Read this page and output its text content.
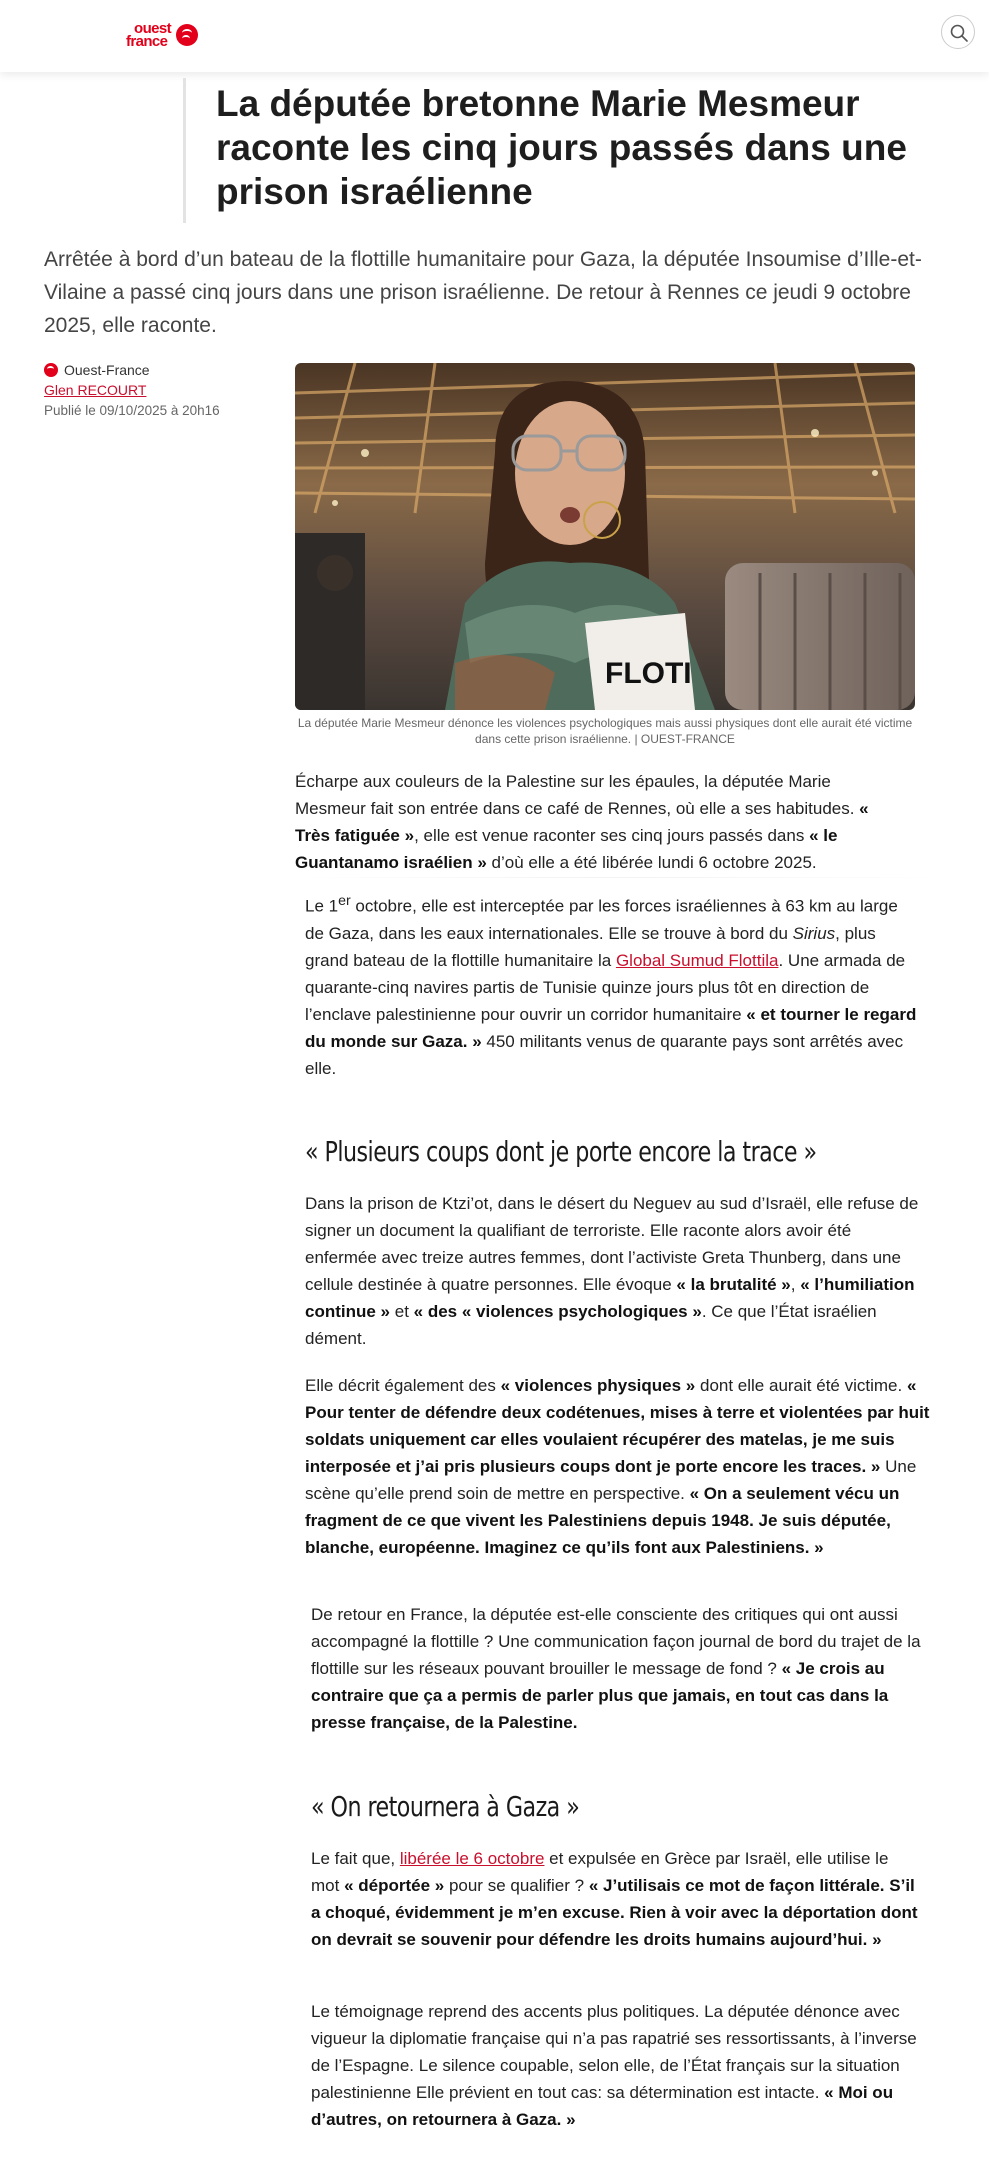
ouest
france
La députée bretonne Marie Mesmeur raconte les cinq jours passés dans une prison israélienne

Arrêtée à bord d’un bateau de la flottille humanitaire pour Gaza, la députée Insoumise d’Ille-et-Vilaine a passé cinq jours dans une prison israélienne. De retour à Rennes ce jeudi 9 octobre 2025, elle raconte.

Ouest-France
Glen RECOURT
Publié le 09/10/2025 à 20h16
FLOTI
La députée Marie Mesmeur dénonce les violences psychologiques mais aussi physiques dont elle aurait été victime dans cette prison israélienne. | OUEST-FRANCE

Écharpe aux couleurs de la Palestine sur les épaules, la députée Marie Mesmeur fait son entrée dans ce café de Rennes, où elle a ses habitudes. « Très fatiguée », elle est venue raconter ses cinq jours passés dans « le Guantanamo israélien » d’où elle a été libérée lundi 6 octobre 2025.

Le 1er octobre, elle est interceptée par les forces israéliennes à 63 km au large de Gaza, dans les eaux internationales. Elle se trouve à bord du Sirius, plus grand bateau de la flottille humanitaire la Global Sumud Flottila. Une armada de quarante-cinq navires partis de Tunisie quinze jours plus tôt en direction de l’enclave palestinienne pour ouvrir un corridor humanitaire « et tourner le regard du monde sur Gaza. » 450 militants venus de quarante pays sont arrêtés avec elle.

« Plusieurs coups dont je porte encore la trace »

Dans la prison de Ktzi’ot, dans le désert du Neguev au sud d’Israël, elle refuse de signer un document la qualifiant de terroriste. Elle raconte alors avoir été enfermée avec treize autres femmes, dont l’activiste Greta Thunberg, dans une cellule destinée à quatre personnes. Elle évoque « la brutalité », « l’humiliation continue » et « des « violences psychologiques ». Ce que l’État israélien dément.

Elle décrit également des « violences physiques » dont elle aurait été victime. « Pour tenter de défendre deux codétenues, mises à terre et violentées par huit soldats uniquement car elles voulaient récupérer des matelas, je me suis interposée et j’ai pris plusieurs coups dont je porte encore les traces. » Une scène qu’elle prend soin de mettre en perspective. « On a seulement vécu un fragment de ce que vivent les Palestiniens depuis 1948. Je suis députée, blanche, européenne. Imaginez ce qu’ils font aux Palestiniens. »

De retour en France, la députée est-elle consciente des critiques qui ont aussi accompagné la flottille ? Une communication façon journal de bord du trajet de la flottille sur les réseaux pouvant brouiller le message de fond ? « Je crois au contraire que ça a permis de parler plus que jamais, en tout cas dans la presse française, de la Palestine.

« On retournera à Gaza »

Le fait que, libérée le 6 octobre et expulsée en Grèce par Israël, elle utilise le mot « déportée » pour se qualifier ? « J’utilisais ce mot de façon littérale. S’il a choqué, évidemment je m’en excuse. Rien à voir avec la déportation dont on devrait se souvenir pour défendre les droits humains aujourd’hui. »

Le témoignage reprend des accents plus politiques. La députée dénonce avec vigueur la diplomatie française qui n’a pas rapatrié ses ressortissants, à l’inverse de l’Espagne. Le silence coupable, selon elle, de l’État français sur la situation palestinienne Elle prévient en tout cas: sa détermination est intacte. « Moi ou d’autres, on retournera à Gaza. »
